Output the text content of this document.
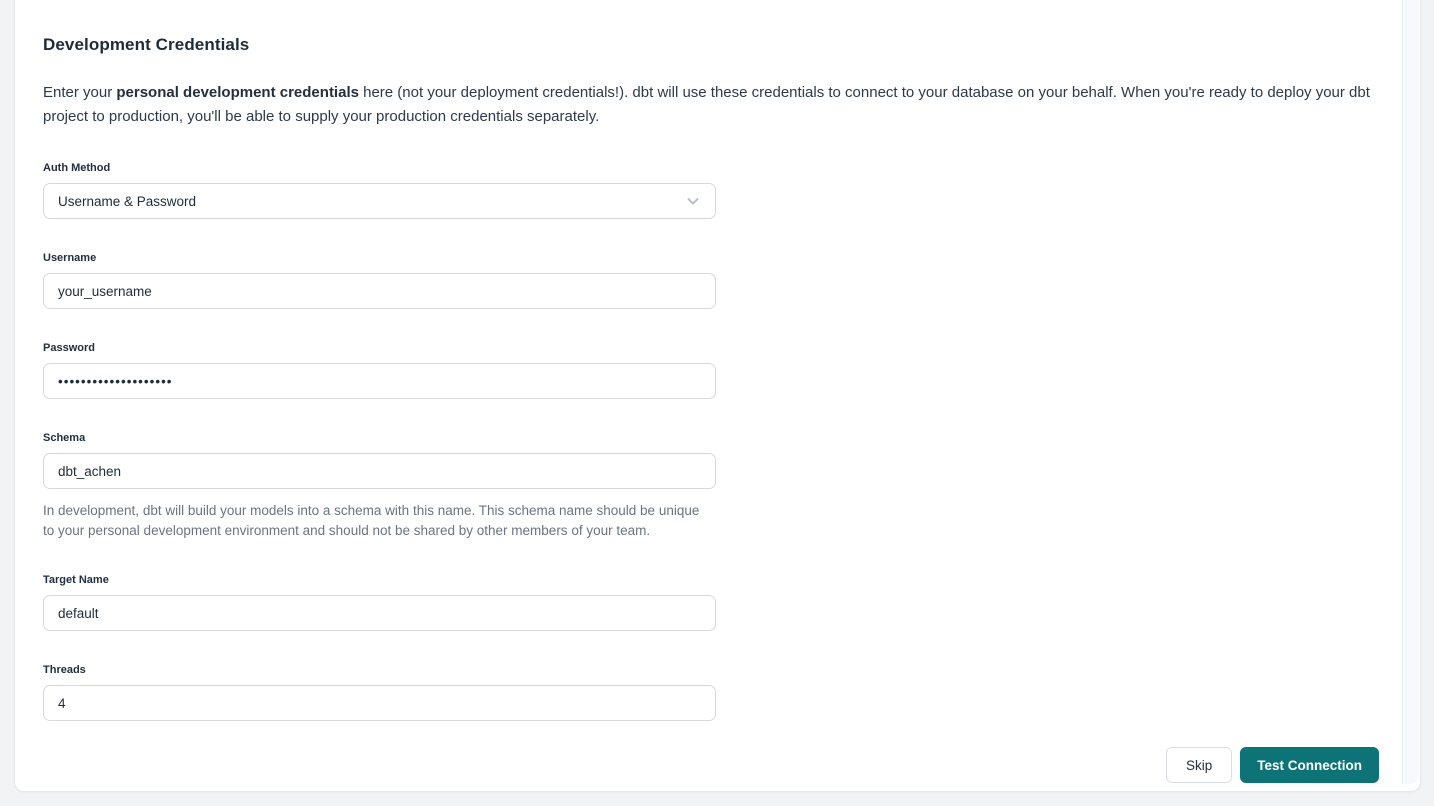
Development Credentials

Enter your personal development credentials here (not your deployment credentials!). dbt will use these credentials to connect to your database on your behalf. When you're ready to deploy your dbt project to production, you'll be able to supply your production credentials separately.

Auth Method
Username & Password
Username
your_username
Password
••••••••••••••••••••
Schema
dbt_achen

In development, dbt will build your models into a schema with this name. This schema name should be unique to your personal development environment and should not be shared by other members of your team.

Target Name
default
Threads
4
Skip	Test Connection
